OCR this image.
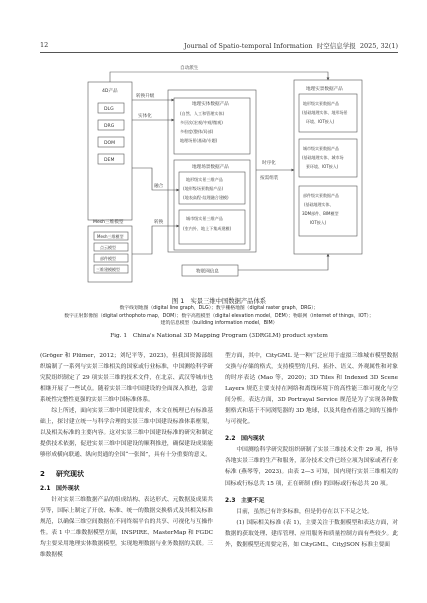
12	Journal of Spatio-temporal Information 时空信息学报 2025, 32(1)
自动派生
4D产品
DLG
DRG
DOM
DEM
转换升级
实体化
融合
转换
Mesh三维模型
Mesh三维模型
点云模型
部件模型
三维建模模型
地理实体数据产品
(自然、人工和管理实体)
多层次(宏观/中观/微观)
多粒度(整体/局部)
地理场景(基础/专题)
地理场景数据产品
地形级实景三维产品
(地形级场景数据产品)
(地表高程-纹理融合建模)
城市级实景三维产品
(室内外、地上下集成建模)
时序化
按需组装
物联网信息
地理实景数据产品
地形级实景数据产品
(基础地理实体、地形场景
环境、IOT接入)
城市级实景数据产品
(基础地理实体、城市场
景环境、IOT接入)
部件级实景数据产品
(基础地理实体、
3DM部件、BIM模型
IOT接入)
图 1　实景三维中国数据产品体系
数字线划地图（digital line graph，DLG）；数字栅格地图（digital raster graph，DRG）；
数字正射影像图（digital orthophoto map，DOM）；数字高程模型（digital elevation model，DEM）；物联网（internet of things，IOT）；
建筑信息模型（building information model，BIM）
Fig. 1　China's National 3D Mapping Program (3DRGLM) product system

(Gröger 和 Plümer，2012；刘纪平等，2023)，但我国资源部组织编制了一系列与实景三维相关的国家或行业标准，中国测绘科学研究院组织制定了 29 项实景三维的技术文件，在北京、武汉等城市也相继开展了一些试点。随着实景三维中国建设的全面深入推进，急需系统性完整性更强的实景三维中国标准体系。

综上所述，面向实景三维中国建设需求，本文在梳理已有标准基础上，探讨建立统一与科学合理的实景三维中国建设标准体系框架，以及相关标准的主要内容。这对实景三维中国建设标准的研究和制定提供技术依据，促进实景三维中国建设的顺利推进，确保建设成果能够形成横向联通、纵向贯通的全国“一张图”，具有十分重要的意义。

2 研究现状
2.1 国外现状

针对实景三维数据产品的组成结构、表达形式、元数据及成果共享等，国际上制定了开放、标准、统一的数据交换格式及其相关标准规范，以确保三维空间数据在不同终端平台的共享、可视化与互操作性。表 1 中二维数据模型方面，INSPIRE、MasterMap 和 FGDC 均主要采用地理实体数据模型，实现地理数据与业务数据的关联。三维数据模

型方面，其中，CityGML 是一种广泛应用于虚拟三维城市模型数据交换与存储的格式，支持模型的几何、拓扑、语义、外观属性和对象的时序表达 (Mao 等，2020)；3D Tiles 和 Indexed 3D Scene Layers 规范主要支持在网络和离线环境下的高性能三维可视化与空间分析。表达方面，3D Portrayal Service 规范是为了实现各种数据格式和基于不同浏览器的 3D 地球，以及其他查看器之间的互操作与可视化。

2.2 国内现状

中国测绘科学研究院组织研制了实景三维技术文件 29 项，指导各地实景三维的生产和服务，部分技术文件已经立项为国家或者行业标准 (燕琴等，2023)。由表 2—3 可知，国内现行实景三维相关的国标或行标总共 15 项，正在研制 (修) 的国标或行标总共 20 项。

2.3 主要不足

目前，虽然已有许多标准，但是仍存在以下不足之处。

(1) 国际相关标准 (表 1)，主要关注于数据模型和表达方面，对数据的获取处理、建库管理、应用服务和质量控制方面有些较少。此外，数据模型还需要完善，如 CityGML、CityJSON 标准主要面
